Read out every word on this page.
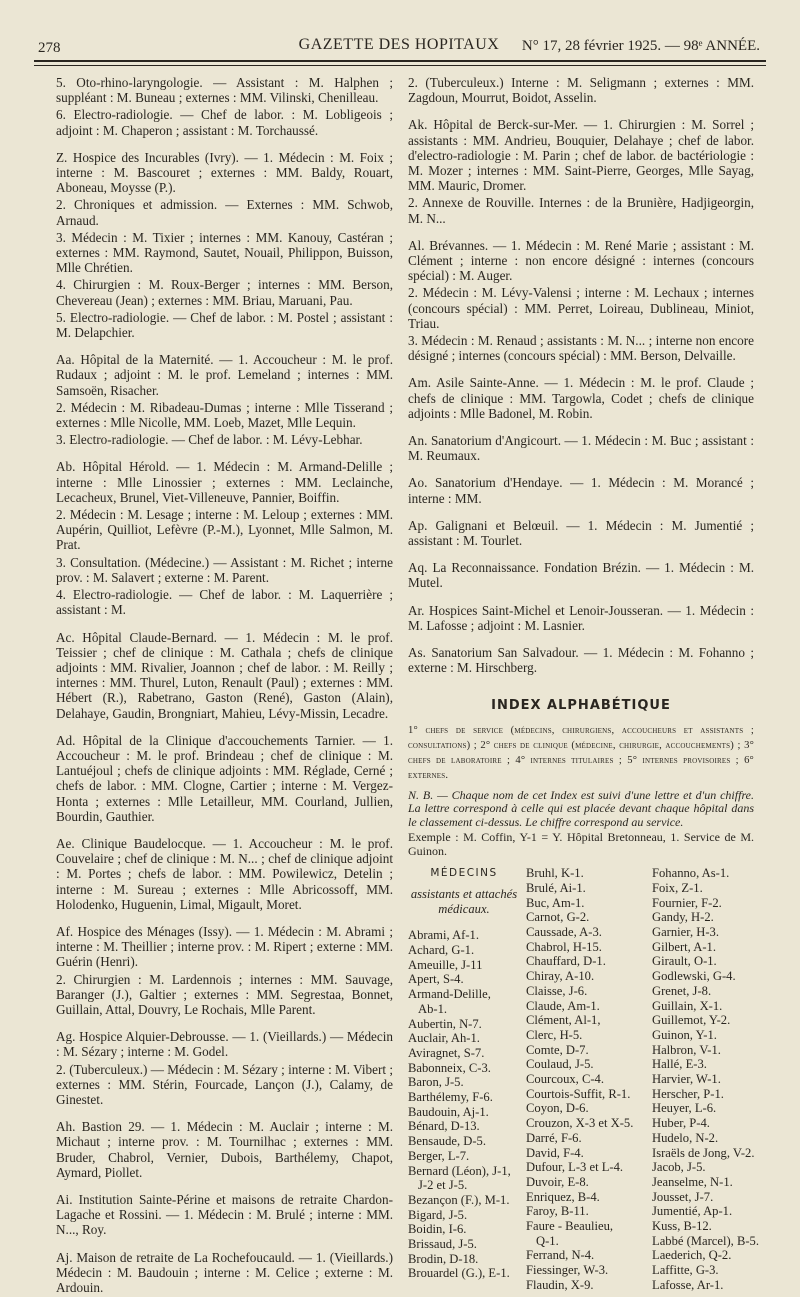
278	GAZETTE DES HOPITAUX	N° 17, 28 février 1925. — 98ᵉ ANNÉE.

5. Oto-rhino-laryngologie. — Assistant : M. Halphen ; suppléant : M. Buneau ; externes : MM. Vilinski, Chenilleau.

6. Electro-radiologie. — Chef de labor. : M. Lobligeois ; adjoint : M. Chaperon ; assistant : M. Torchaussé.

Z. Hospice des Incurables (Ivry). — 1. Médecin : M. Foix ; interne : M. Bascouret ; externes : MM. Baldy, Rouart, Aboneau, Moysse (P.).

2. Chroniques et admission. — Externes : MM. Schwob, Arnaud.

3. Médecin : M. Tixier ; internes : MM. Kanouy, Castéran ; externes : MM. Raymond, Sautet, Nouail, Philippon, Buisson, Mlle Chrétien.

4. Chirurgien : M. Roux-Berger ; internes : MM. Berson, Chevereau (Jean) ; externes : MM. Briau, Maruani, Pau.

5. Electro-radiologie. — Chef de labor. : M. Postel ; assistant : M. Delapchier.

Aa. Hôpital de la Maternité. — 1. Accoucheur : M. le prof. Rudaux ; adjoint : M. le prof. Lemeland ; internes : MM. Samsoën, Risacher.

2. Médecin : M. Ribadeau-Dumas ; interne : Mlle Tisserand ; externes : Mlle Nicolle, MM. Loeb, Mazet, Mlle Lequin.

3. Electro-radiologie. — Chef de labor. : M. Lévy-Lebhar.

Ab. Hôpital Hérold. — 1. Médecin : M. Armand-Delille ; interne : Mlle Linossier ; externes : MM. Leclainche, Lecacheux, Brunel, Viet-Villeneuve, Pannier, Boiffin.

2. Médecin : M. Lesage ; interne : M. Leloup ; externes : MM. Aupérin, Quilliot, Lefèvre (P.-M.), Lyonnet, Mlle Salmon, M. Prat.

3. Consultation. (Médecine.) — Assistant : M. Richet ; interne prov. : M. Salavert ; externe : M. Parent.

4. Electro-radiologie. — Chef de labor. : M. Laquerrière ; assistant : M.

Ac. Hôpital Claude-Bernard. — 1. Médecin : M. le prof. Teissier ; chef de clinique : M. Cathala ; chefs de clinique adjoints : MM. Rivalier, Joannon ; chef de labor. : M. Reilly ; internes : MM. Thurel, Luton, Renault (Paul) ; externes : MM. Hébert (R.), Rabetrano, Gaston (René), Gaston (Alain), Delahaye, Gaudin, Brongniart, Mahieu, Lévy-Missin, Lecadre.

Ad. Hôpital de la Clinique d'accouchements Tarnier. — 1. Accoucheur : M. le prof. Brindeau ; chef de clinique : M. Lantuéjoul ; chefs de clinique adjoints : MM. Réglade, Cerné ; chefs de labor. : MM. Clogne, Cartier ; interne : M. Vergez-Honta ; externes : Mlle Letailleur, MM. Courland, Jullien, Bourdin, Gauthier.

Ae. Clinique Baudelocque. — 1. Accoucheur : M. le prof. Couvelaire ; chef de clinique : M. N... ; chef de clinique adjoint : M. Portes ; chefs de labor. : MM. Powilewicz, Detelin ; interne : M. Sureau ; externes : Mlle Abricossoff, MM. Holodenko, Huguenin, Limal, Migault, Moret.

Af. Hospice des Ménages (Issy). — 1. Médecin : M. Abrami ; interne : M. Theillier ; interne prov. : M. Ripert ; externe : MM. Guérin (Henri).

2. Chirurgien : M. Lardennois ; internes : MM. Sauvage, Baranger (J.), Galtier ; externes : MM. Segrestaa, Bonnet, Guillain, Attal, Douvry, Le Rochais, Mlle Parent.

Ag. Hospice Alquier-Debrousse. — 1. (Vieillards.) — Médecin : M. Sézary ; interne : M. Godel.

2. (Tuberculeux.) — Médecin : M. Sézary ; interne : M. Vibert ; externes : MM. Stérin, Fourcade, Lançon (J.), Calamy, de Ginestet.

Ah. Bastion 29. — 1. Médecin : M. Auclair ; interne : M. Michaut ; interne prov. : M. Tournilhac ; externes : MM. Bruder, Chabrol, Vernier, Dubois, Barthélemy, Chapot, Aymard, Piollet.

Ai. Institution Sainte-Périne et maisons de retraite Chardon-Lagache et Rossini. — 1. Médecin : M. Brulé ; interne : MM. N..., Roy.

Aj. Maison de retraite de La Rochefoucauld. — 1. (Vieillards.) Médecin : M. Baudouin ; interne : M. Celice ; externe : M. Ardouin.

2. (Tuberculeux.) Interne : M. Seligmann ; externes : MM. Zagdoun, Mourrut, Boidot, Asselin.

Ak. Hôpital de Berck-sur-Mer. — 1. Chirurgien : M. Sorrel ; assistants : MM. Andrieu, Bouquier, Delahaye ; chef de labor. d'electro-radiologie : M. Parin ; chef de labor. de bactériologie : M. Mozer ; internes : MM. Saint-Pierre, Georges, Mlle Sayag, MM. Mauric, Dromer.

2. Annexe de Rouville. Internes : de la Brunière, Hadjigeorgin, M. N...

Al. Brévannes. — 1. Médecin : M. René Marie ; assistant : M. Clément ; interne : non encore désigné : internes (concours spécial) : M. Auger.

2. Médecin : M. Lévy-Valensi ; interne : M. Lechaux ; internes (concours spécial) : MM. Perret, Loireau, Dublineau, Miniot, Triau.

3. Médecin : M. Renaud ; assistants : M. N... ; interne non encore désigné ; internes (concours spécial) : MM. Berson, Delvaille.

Am. Asile Sainte-Anne. — 1. Médecin : M. le prof. Claude ; chefs de clinique : MM. Targowla, Codet ; chefs de clinique adjoints : Mlle Badonel, M. Robin.

An. Sanatorium d'Angicourt. — 1. Médecin : M. Buc ; assistant : M. Reumaux.

Ao. Sanatorium d'Hendaye. — 1. Médecin : M. Morancé ; interne : MM.

Ap. Galignani et Belœuil. — 1. Médecin : M. Jumentié ; assistant : M. Tourlet.

Aq. La Reconnaissance. Fondation Brézin. — 1. Médecin : M. Mutel.

Ar. Hospices Saint-Michel et Lenoir-Jousseran. — 1. Médecin : M. Lafosse ; adjoint : M. Lasnier.

As. Sanatorium San Salvadour. — 1. Médecin : M. Fohanno ; externe : M. Hirschberg.

INDEX ALPHABÉTIQUE
1° chefs de service (médecins, chirurgiens, accoucheurs et assistants ; consultations) ; 2° chefs de clinique (médecine, chirurgie, accouchements) ; 3° chefs de laboratoire ; 4° internes titulaires ; 5° internes provisoires ; 6° externes.
N. B. — Chaque nom de cet Index est suivi d'une lettre et d'un chiffre. La lettre correspond à celle qui est placée devant chaque hôpital dans le classement ci-dessus. Le chiffre correspond au service.
Exemple : M. Coffin, Y-1 = Y. Hôpital Bretonneau, 1. Service de M. Guinon.
MÉDECINS
assistants et attachés médicaux.
Abrami, Af-1.
Achard, G-1.
Ameuille, J-11
Apert, S-4.
Armand-Delille,
Ab-1.
Aubertin, N-7.
Auclair, Ah-1.
Aviragnet, S-7.
Babonneix, C-3.
Baron, J-5.
Barthélemy, F-6.
Baudouin, Aj-1.
Bénard, D-13.
Bensaude, D-5.
Berger, L-7.
Bernard (Léon), J-1,
J-2 et J-5.
Bezançon (F.), M-1.
Bigard, J-5.
Boidin, I-6.
Brissaud, J-5.
Brodin, D-18.
Brouardel (G.), E-1.
Bruhl, K-1.
Brulé, Ai-1.
Buc, Am-1.
Carnot, G-2.
Caussade, A-3.
Chabrol, H-15.
Chauffard, D-1.
Chiray, A-10.
Claisse, J-6.
Claude, Am-1.
Clément, Al-1,
Clerc, H-5.
Comte, D-7.
Coulaud, J-5.
Courcoux, C-4.
Courtois-Suffit, R-1.
Coyon, D-6.
Crouzon, X-3 et X-5.
Darré, F-6.
David, F-4.
Dufour, L-3 et L-4.
Duvoir, E-8.
Enriquez, B-4.
Faroy, B-11.
Faure - Beaulieu,
Q-1.
Ferrand, N-4.
Fiessinger, W-3.
Flaudin, X-9.
Fohanno, As-1.
Foix, Z-1.
Fournier, F-2.
Gandy, H-2.
Garnier, H-3.
Gilbert, A-1.
Girault, O-1.
Godlewski, G-4.
Grenet, J-8.
Guillain, X-1.
Guillemot, Y-2.
Guinon, Y-1.
Halbron, V-1.
Hallé, E-3.
Harvier, W-1.
Herscher, P-1.
Heuyer, L-6.
Huber, P-4.
Hudelo, N-2.
Israëls de Jong, V-2.
Jacob, J-5.
Jeanselme, N-1.
Jousset, J-7.
Jumentié, Ap-1.
Kuss, B-12.
Labbé (Marcel), B-5.
Laederich, Q-2.
Laffitte, G-3.
Lafosse, Ar-1.
